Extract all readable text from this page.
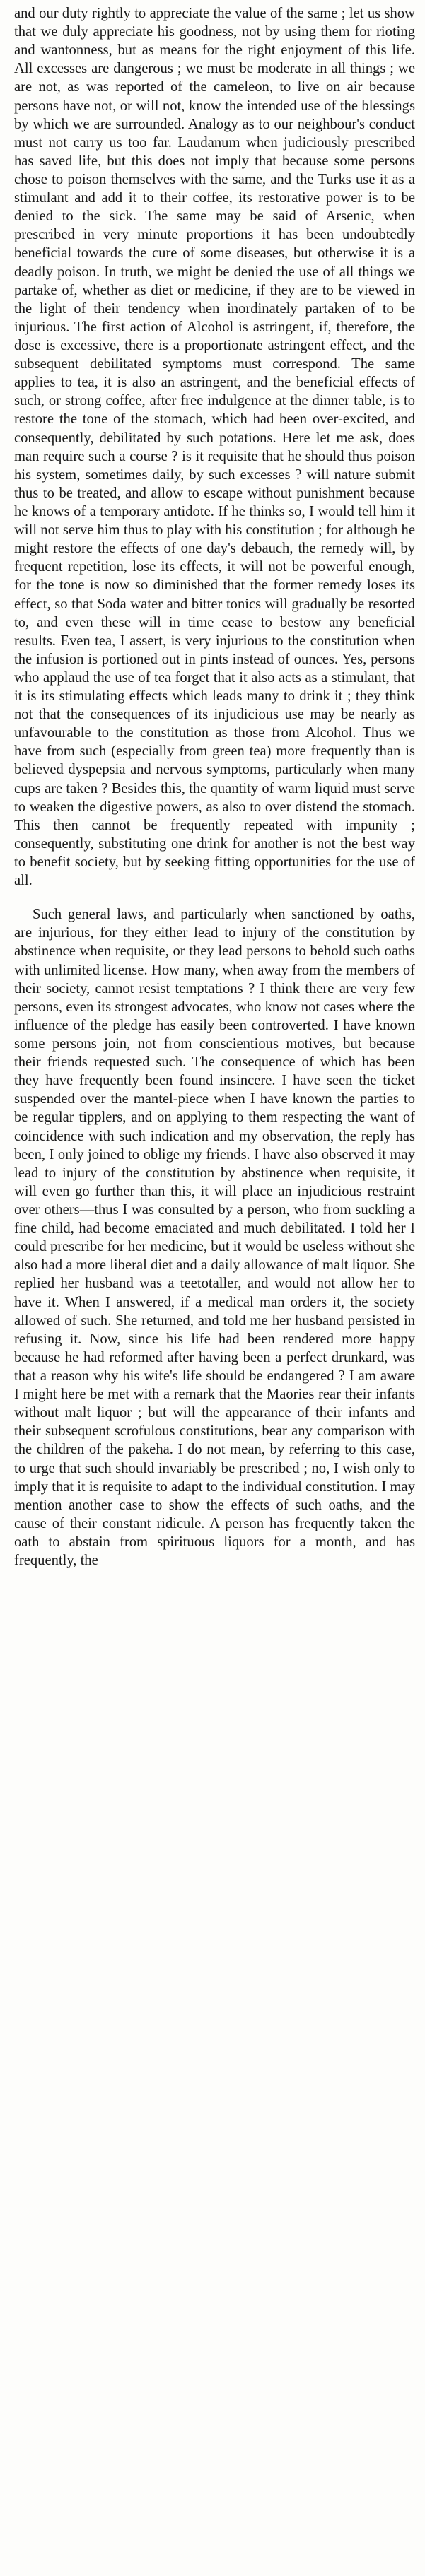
and our duty rightly to appreciate the value of the same ; let us show that we duly appreciate his goodness, not by using them for rioting and wantonness, but as means for the right enjoyment of this life. All excesses are dangerous ; we must be moderate in all things ; we are not, as was reported of the cameleon, to live on air because persons have not, or will not, know the intended use of the blessings by which we are surrounded. Analogy as to our neighbour's conduct must not carry us too far. Laudanum when judiciously prescribed has saved life, but this does not imply that because some persons chose to poison themselves with the same, and the Turks use it as a stimulant and add it to their coffee, its restorative power is to be denied to the sick. The same may be said of Arsenic, when prescribed in very minute proportions it has been undoubtedly beneficial towards the cure of some diseases, but otherwise it is a deadly poison. In truth, we might be denied the use of all things we partake of, whether as diet or medicine, if they are to be viewed in the light of their tendency when inordinately partaken of to be injurious. The first action of Alcohol is astringent, if, therefore, the dose is excessive, there is a proportionate astringent effect, and the subsequent debilitated symptoms must correspond. The same applies to tea, it is also an astringent, and the beneficial effects of such, or strong coffee, after free indulgence at the dinner table, is to restore the tone of the stomach, which had been over-excited, and consequently, debilitated by such potations. Here let me ask, does man require such a course ? is it requisite that he should thus poison his system, sometimes daily, by such excesses ? will nature submit thus to be treated, and allow to escape without punishment because he knows of a temporary antidote. If he thinks so, I would tell him it will not serve him thus to play with his constitution ; for although he might restore the effects of one day's debauch, the remedy will, by frequent repetition, lose its effects, it will not be powerful enough, for the tone is now so diminished that the former remedy loses its effect, so that Soda water and bitter tonics will gradually be resorted to, and even these will in time cease to bestow any beneficial results. Even tea, I assert, is very injurious to the constitution when the infusion is portioned out in pints instead of ounces. Yes, persons who applaud the use of tea forget that it also acts as a stimulant, that it is its stimulating effects which leads many to drink it ; they think not that the consequences of its injudicious use may be nearly as unfavourable to the constitution as those from Alcohol. Thus we have from such (especially from green tea) more frequently than is believed dyspepsia and nervous symptoms, particularly when many cups are taken ? Besides this, the quantity of warm liquid must serve to weaken the digestive powers, as also to over distend the stomach. This then cannot be frequently repeated with impunity ; consequently, substituting one drink for another is not the best way to benefit society, but by seeking fitting opportunities for the use of all.

Such general laws, and particularly when sanctioned by oaths, are injurious, for they either lead to injury of the constitution by abstinence when requisite, or they lead persons to behold such oaths with unlimited license. How many, when away from the members of their society, cannot resist temptations ? I think there are very few persons, even its strongest advocates, who know not cases where the influence of the pledge has easily been controverted. I have known some persons join, not from conscientious motives, but because their friends requested such. The consequence of which has been they have frequently been found insincere. I have seen the ticket suspended over the mantel-piece when I have known the parties to be regular tipplers, and on applying to them respecting the want of coincidence with such indication and my observation, the reply has been, I only joined to oblige my friends. I have also observed it may lead to injury of the constitution by abstinence when requisite, it will even go further than this, it will place an injudicious restraint over others—thus I was consulted by a person, who from suckling a fine child, had become emaciated and much debilitated. I told her I could prescribe for her medicine, but it would be useless without she also had a more liberal diet and a daily allowance of malt liquor. She replied her husband was a teetotaller, and would not allow her to have it. When I answered, if a medical man orders it, the society allowed of such. She returned, and told me her husband persisted in refusing it. Now, since his life had been rendered more happy because he had reformed after having been a perfect drunkard, was that a reason why his wife's life should be endangered ? I am aware I might here be met with a remark that the Maories rear their infants without malt liquor ; but will the appearance of their infants and their subsequent scrofulous constitutions, bear any comparison with the children of the pakeha. I do not mean, by referring to this case, to urge that such should invariably be prescribed ; no, I wish only to imply that it is requisite to adapt to the individual constitution. I may mention another case to show the effects of such oaths, and the cause of their constant ridicule. A person has frequently taken the oath to abstain from spirituous liquors for a month, and has frequently, the
